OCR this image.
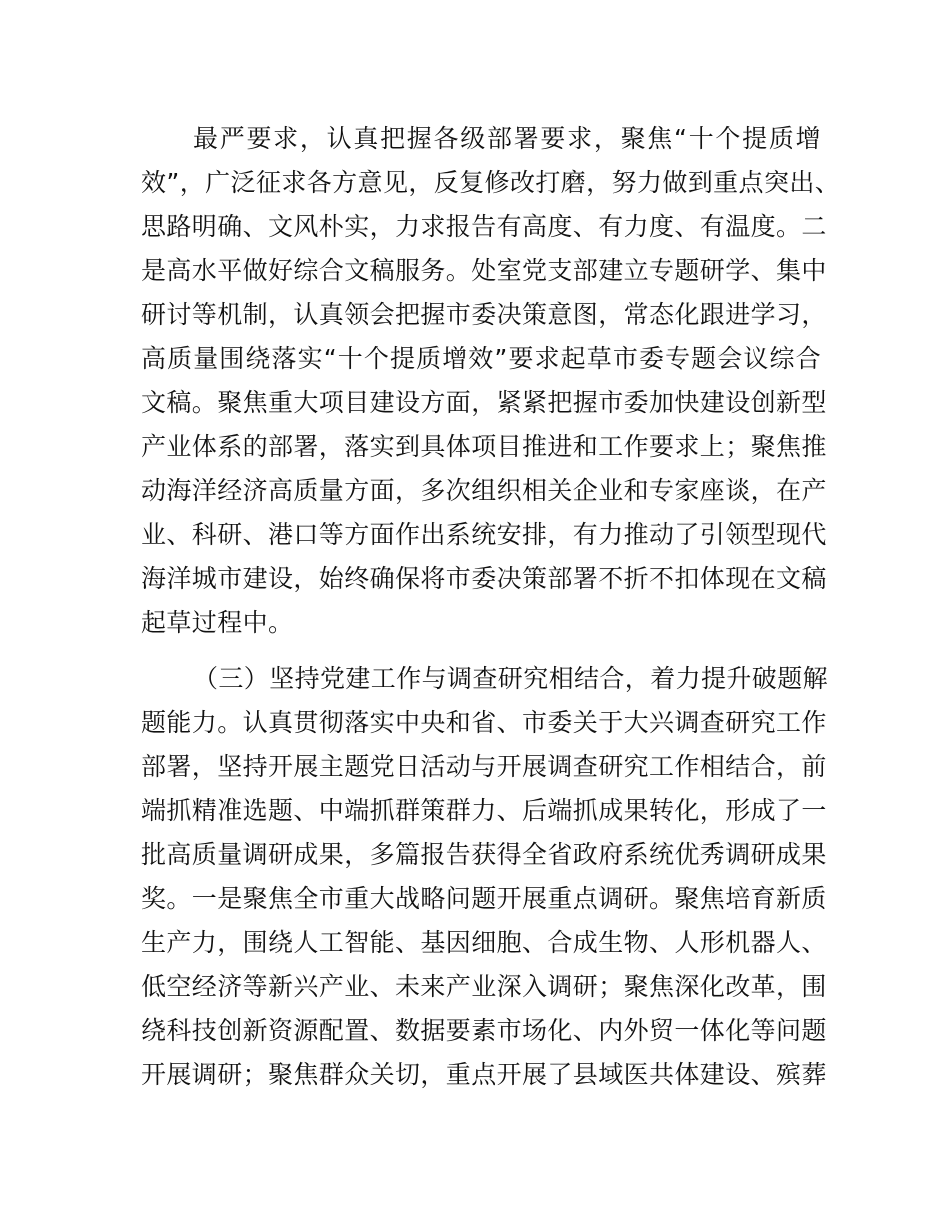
最严要求，认真把握各级部署要求，聚焦“十个提质增
效”，广泛征求各方意见，反复修改打磨，努力做到重点突出、
思路明确、文风朴实，力求报告有高度、有力度、有温度。二
是高水平做好综合文稿服务。处室党支部建立专题研学、集中
研讨等机制，认真领会把握市委决策意图，常态化跟进学习，
高质量围绕落实“十个提质增效”要求起草市委专题会议综合
文稿。聚焦重大项目建设方面，紧紧把握市委加快建设创新型
产业体系的部署，落实到具体项目推进和工作要求上；聚焦推
动海洋经济高质量方面，多次组织相关企业和专家座谈，在产
业、科研、港口等方面作出系统安排，有力推动了引领型现代
海洋城市建设，始终确保将市委决策部署不折不扣体现在文稿
起草过程中。
（三）坚持党建工作与调查研究相结合，着力提升破题解
题能力。认真贯彻落实中央和省、市委关于大兴调查研究工作
部署，坚持开展主题党日活动与开展调查研究工作相结合，前
端抓精准选题、中端抓群策群力、后端抓成果转化，形成了一
批高质量调研成果，多篇报告获得全省政府系统优秀调研成果
奖。一是聚焦全市重大战略问题开展重点调研。聚焦培育新质
生产力，围绕人工智能、基因细胞、合成生物、人形机器人、
低空经济等新兴产业、未来产业深入调研；聚焦深化改革，围
绕科技创新资源配置、数据要素市场化、内外贸一体化等问题
开展调研；聚焦群众关切，重点开展了县域医共体建设、殡葬
